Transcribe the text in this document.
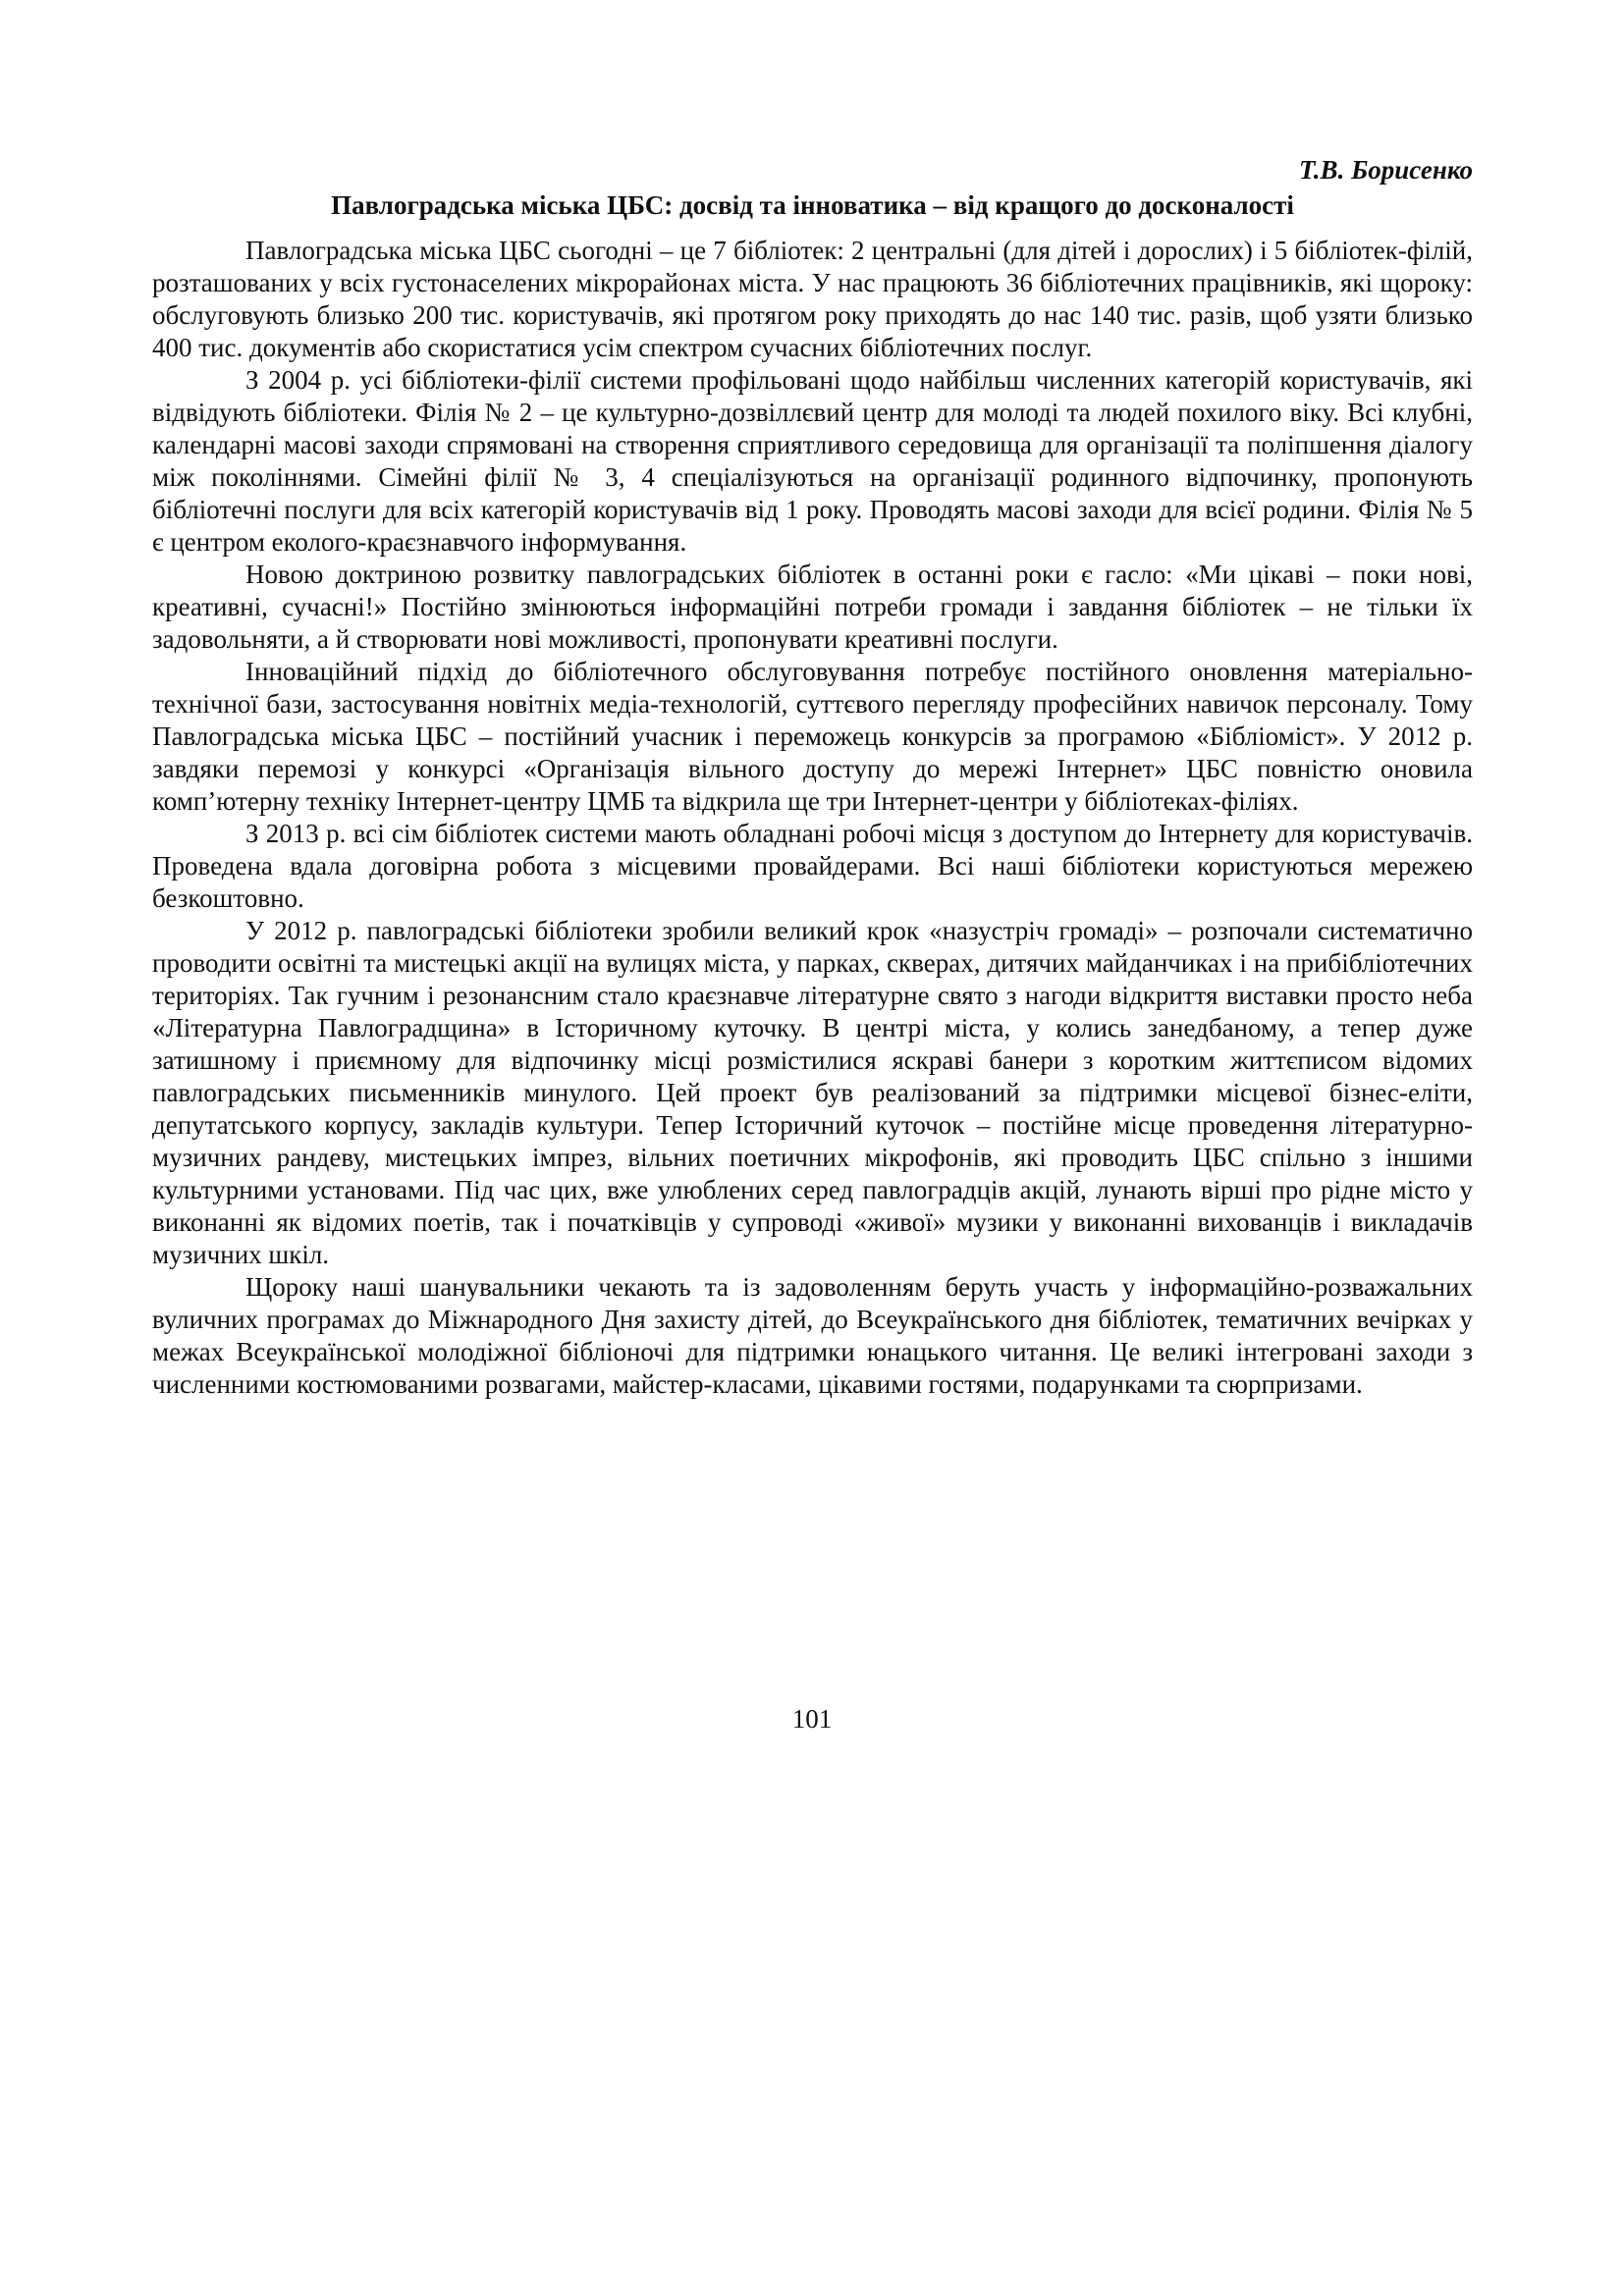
Т.В. Борисенко

Павлоградська міська ЦБС: досвід та інноватика – від кращого до досконалості

Павлоградська міська ЦБС сьогодні – це 7 бібліотек: 2 центральні (для дітей і дорослих) і 5 бібліотек-філій, розташованих у всіх густонаселених мікрорайонах міста. У нас працюють 36 бібліотечних працівників, які щороку: обслуговують близько 200 тис. користувачів, які протягом року приходять до нас 140 тис. разів, щоб узяти близько 400 тис. документів або скористатися усім спектром сучасних бібліотечних послуг.

З 2004 р. усі бібліотеки-філії системи профільовані щодо найбільш численних категорій користувачів, які відвідують бібліотеки. Філія № 2 – це культурно-дозвіллєвий центр для молоді та людей похилого віку. Всі клубні, календарні масові заходи спрямовані на створення сприятливого середовища для організації та поліпшення діалогу між поколіннями. Сімейні філії № 3, 4 спеціалізуються на організації родинного відпочинку, пропонують бібліотечні послуги для всіх категорій користувачів від 1 року. Проводять масові заходи для всієї родини. Філія № 5 є центром еколого-краєзнавчого інформування.

Новою доктриною розвитку павлоградських бібліотек в останні роки є гасло: «Ми цікаві – поки нові, креативні, сучасні!» Постійно змінюються інформаційні потреби громади і завдання бібліотек – не тільки їх задовольняти, а й створювати нові можливості, пропонувати креативні послуги.

Інноваційний підхід до бібліотечного обслуговування потребує постійного оновлення матеріально-технічної бази, застосування новітніх медіа-технологій, суттєвого перегляду професійних навичок персоналу. Тому Павлоградська міська ЦБС – постійний учасник і переможець конкурсів за програмою «Бібліоміст». У 2012 р. завдяки перемозі у конкурсі «Організація вільного доступу до мережі Інтернет» ЦБС повністю оновила комп’ютерну техніку Інтернет-центру ЦМБ та відкрила ще три Інтернет-центри у бібліотеках-філіях.

З 2013 р. всі сім бібліотек системи мають обладнані робочі місця з доступом до Інтернету для користувачів. Проведена вдала договірна робота з місцевими провайдерами. Всі наші бібліотеки користуються мережею безкоштовно.

У 2012 р. павлоградські бібліотеки зробили великий крок «назустріч громаді» – розпочали систематично проводити освітні та мистецькі акції на вулицях міста, у парках, скверах, дитячих майданчиках і на прибібліотечних територіях. Так гучним і резонансним стало краєзнавче літературне свято з нагоди відкриття виставки просто неба «Літературна Павлоградщина» в Історичному куточку. В центрі міста, у колись занедбаному, а тепер дуже затишному і приємному для відпочинку місці розмістилися яскраві банери з коротким життєписом відомих павлоградських письменників минулого. Цей проект був реалізований за підтримки місцевої бізнес-еліти, депутатського корпусу, закладів культури. Тепер Історичний куточок – постійне місце проведення літературно-музичних рандеву, мистецьких імпрез, вільних поетичних мікрофонів, які проводить ЦБС спільно з іншими культурними установами. Під час цих, вже улюблених серед павлоградців акцій, лунають вірші про рідне місто у виконанні як відомих поетів, так і початківців у супроводі «живої» музики у виконанні вихованців і викладачів музичних шкіл.

Щороку наші шанувальники чекають та із задоволенням беруть участь у інформаційно-розважальних вуличних програмах до Міжнародного Дня захисту дітей, до Всеукраїнського дня бібліотек, тематичних вечірках у межах Всеукраїнської молодіжної бібліоночі для підтримки юнацького читання. Це великі інтегровані заходи з численними костюмованими розвагами, майстер-класами, цікавими гостями, подарунками та сюрпризами.

101
